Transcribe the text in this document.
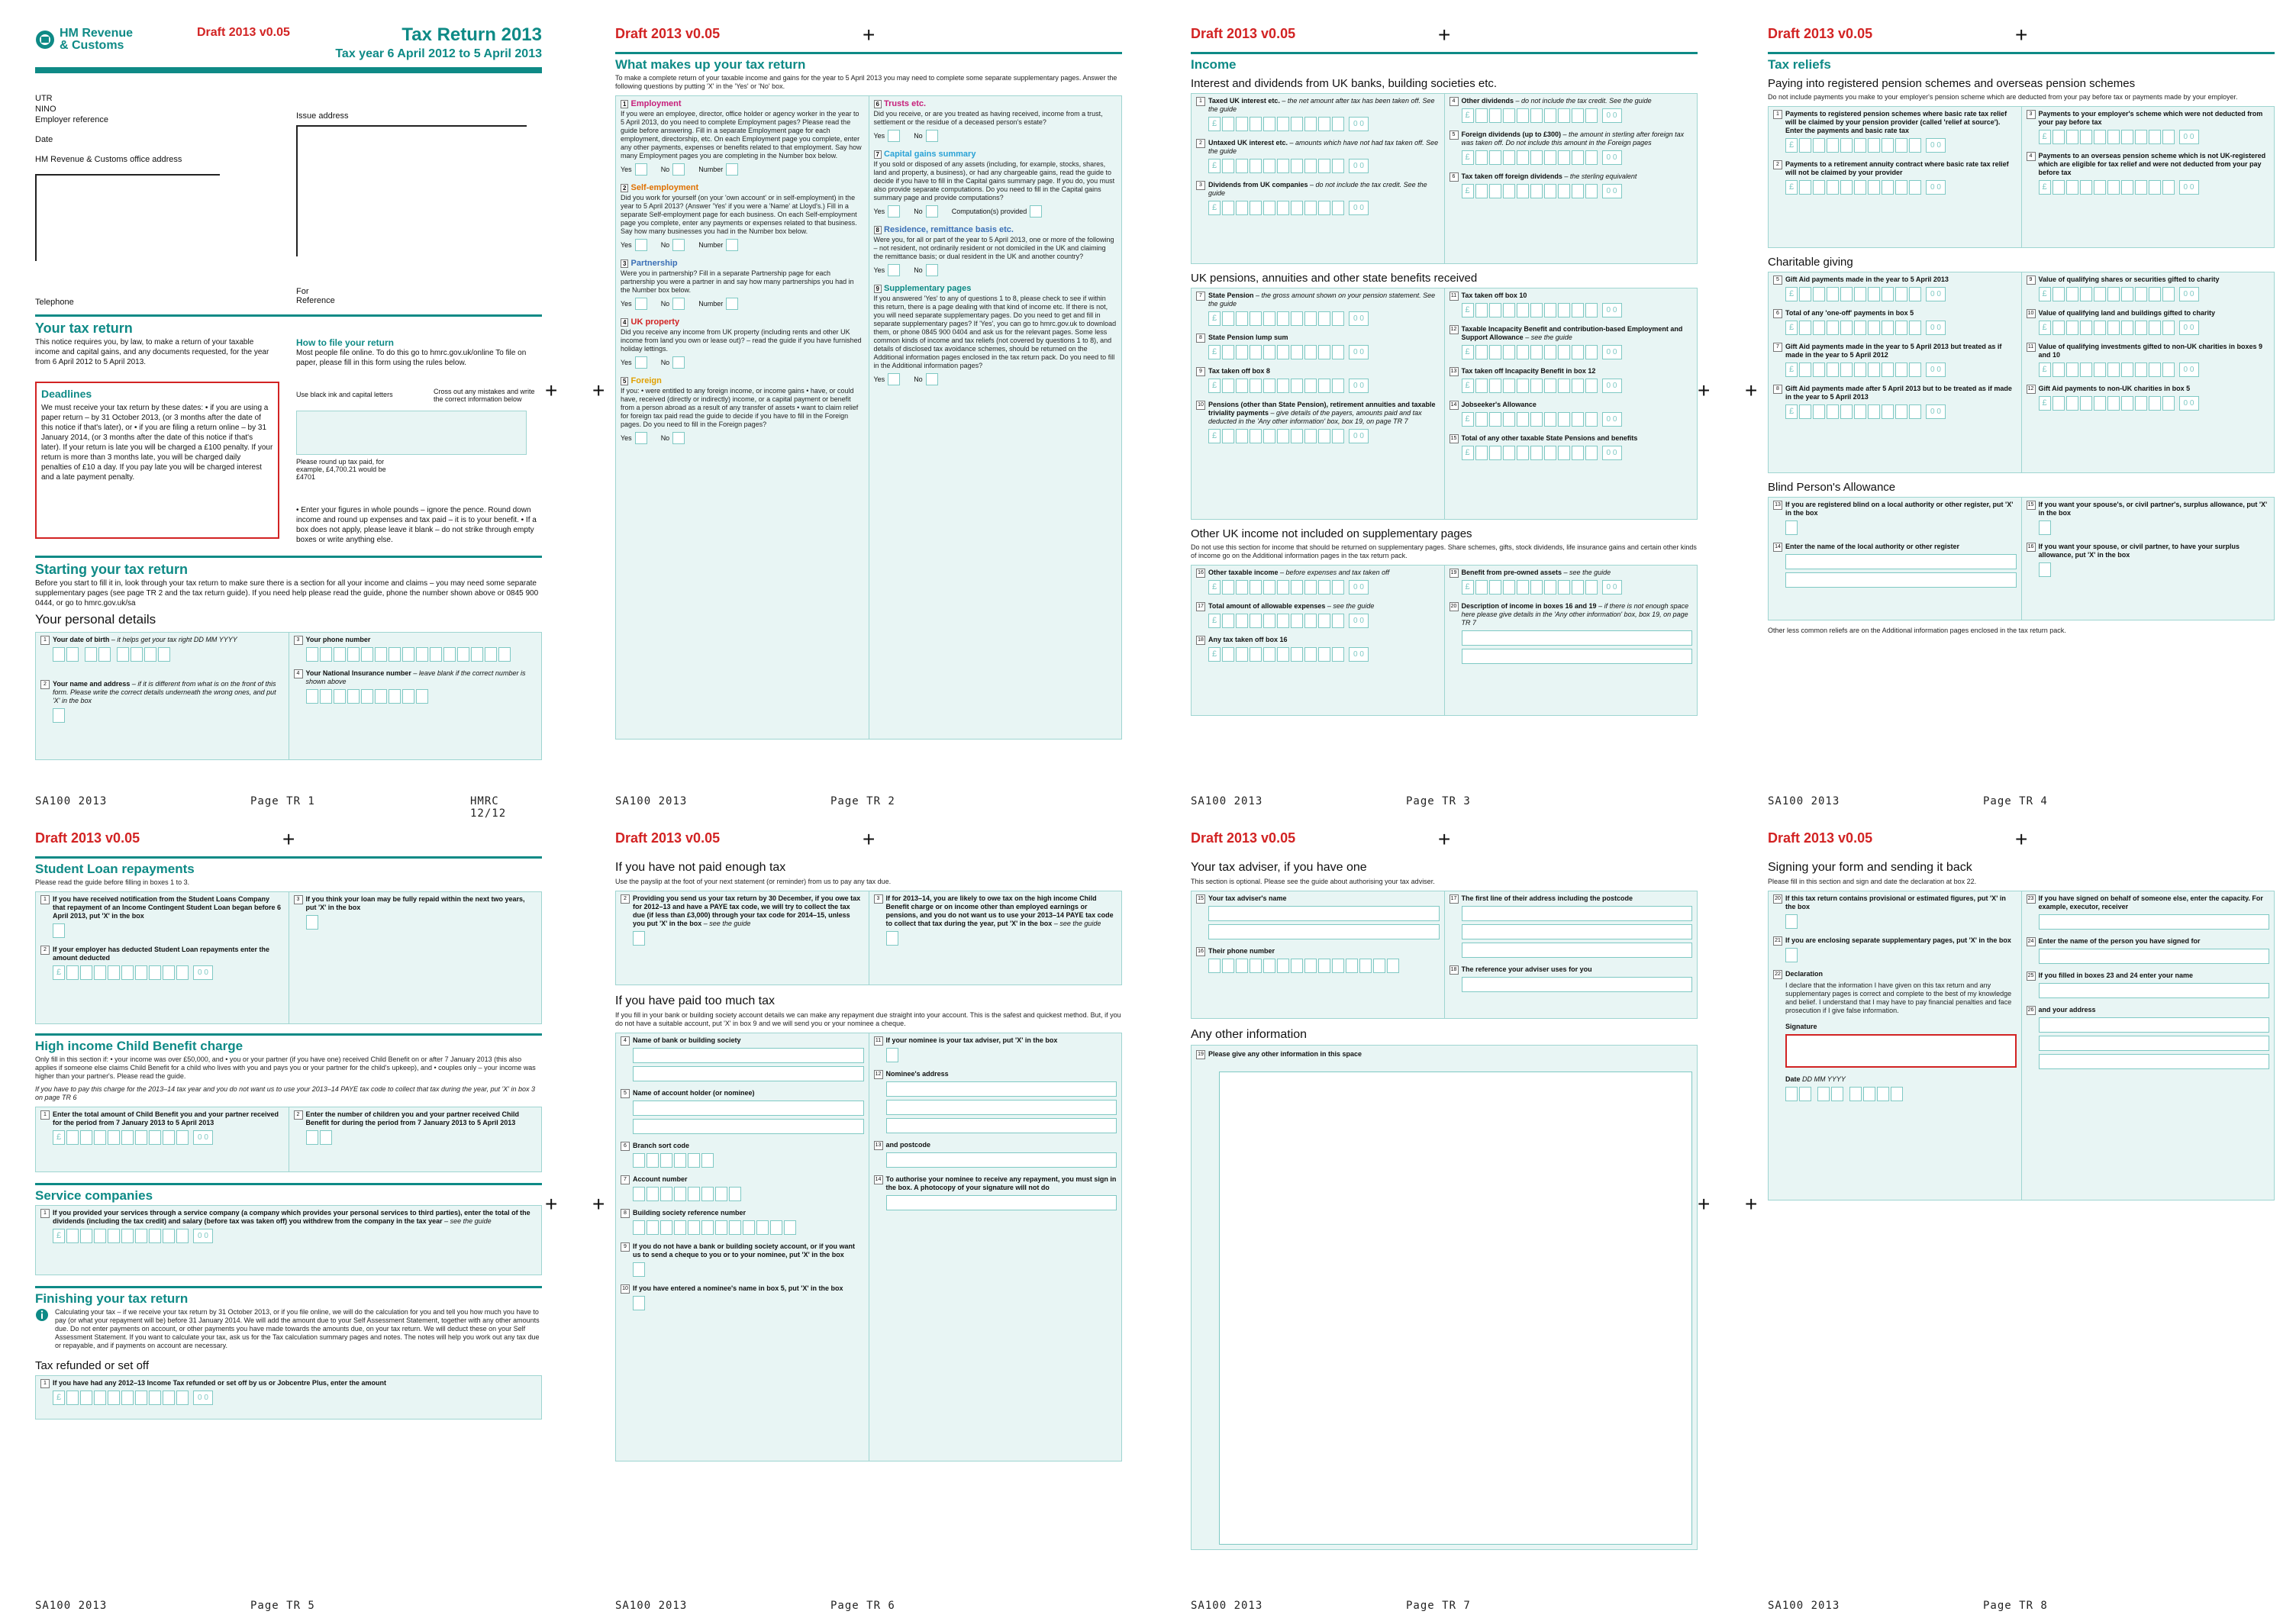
HM Revenue & Customs
Draft 2013 v0.05	Tax Return 2013
Tax year 6 April 2012 to 5 April 2013
UTR
NINO
Employer reference
Date
HM Revenue & Customs office address
Issue address
Telephone
For Reference
Your tax return
This notice requires you, by law, to make a return of your taxable income and capital gains, and any documents requested, for the year from 6 April 2012 to 5 April 2013.
How to file your return
Most people file online. To do this go to hmrc.gov.uk/online To file on paper, please fill in this form using the rules below.
Deadlines
We must receive your tax return by these dates: • if you are using a paper return – by 31 October 2013, (or 3 months after the date of this notice if that's later), or • if you are filing a return online – by 31 January 2014, (or 3 months after the date of this notice if that's later). If your return is late you will be charged a £100 penalty. If your return is more than 3 months late, you will be charged daily penalties of £10 a day. If you pay late you will be charged interest and a late payment penalty.
Use black ink and capital letters	Cross out any mistakes and write the correct information below
Please round up tax paid, for example, £4,700.21 would be £4701
• Enter your figures in whole pounds – ignore the pence. Round down income and round up expenses and tax paid – it is to your benefit. • If a box does not apply, please leave it blank – do not strike through empty boxes or write anything else.
Starting your tax return
Before you start to fill it in, look through your tax return to make sure there is a section for all your income and claims – you may need some separate supplementary pages (see page TR 2 and the tax return guide). If you need help please read the guide, phone the number shown above or 0845 900 0444, or go to hmrc.gov.uk/sa
Your personal details
1 Your date of birth – it helps get your tax right DD MM YYYY
2 Your name and address – if it is different from what is on the front of this form. Please write the correct details underneath the wrong ones, and put 'X' in the box
3 Your phone number
4 Your National Insurance number – leave blank if the correct number is shown above
SA100 2013	Page TR 1	HMRC 12/12
Draft 2013 v0.05	+
What makes up your tax return
To make a complete return of your taxable income and gains for the year to 5 April 2013 you may need to complete some separate supplementary pages. Answer the following questions by putting 'X' in the 'Yes' or 'No' box.
1 Employment
If you were an employee, director, office holder or agency worker in the year to 5 April 2013, do you need to complete Employment pages? Please read the guide before answering. Fill in a separate Employment page for each employment, directorship, etc. On each Employment page you complete, enter any other payments, expenses or benefits related to that employment. Say how many Employment pages you are completing in the Number box below.
Yes	No	Number
2 Self-employment
Did you work for yourself (on your 'own account' or in self-employment) in the year to 5 April 2013? (Answer 'Yes' if you were a 'Name' at Lloyd's.) Fill in a separate Self-employment page for each business. On each Self-employment page you complete, enter any payments or expenses related to that business. Say how many businesses you had in the Number box below.
Yes	No	Number
3 Partnership
Were you in partnership? Fill in a separate Partnership page for each partnership you were a partner in and say how many partnerships you had in the Number box below.
Yes	No	Number
4 UK property
Did you receive any income from UK property (including rents and other UK income from land you own or lease out)? – read the guide if you have furnished holiday lettings.
Yes	No
5 Foreign
If you: • were entitled to any foreign income, or income gains • have, or could have, received (directly or indirectly) income, or a capital payment or benefit from a person abroad as a result of any transfer of assets • want to claim relief for foreign tax paid read the guide to decide if you have to fill in the Foreign pages. Do you need to fill in the Foreign pages?
Yes	No
6 Trusts etc.
Did you receive, or are you treated as having received, income from a trust, settlement or the residue of a deceased person's estate?
Yes	No
7 Capital gains summary
If you sold or disposed of any assets (including, for example, stocks, shares, land and property, a business), or had any chargeable gains, read the guide to decide if you have to fill in the Capital gains summary page. If you do, you must also provide separate computations. Do you need to fill in the Capital gains summary page and provide computations?
Yes	No	Computation(s) provided
8 Residence, remittance basis etc.
Were you, for all or part of the year to 5 April 2013, one or more of the following – not resident, not ordinarily resident or not domiciled in the UK and claiming the remittance basis; or dual resident in the UK and another country?
Yes	No
9 Supplementary pages
If you answered 'Yes' to any of questions 1 to 8, please check to see if within this return, there is a page dealing with that kind of income etc. If there is not, you will need separate supplementary pages. Do you need to get and fill in separate supplementary pages? If 'Yes', you can go to hmrc.gov.uk to download them, or phone 0845 900 0404 and ask us for the relevant pages. Some less common kinds of income and tax reliefs (not covered by questions 1 to 8), and details of disclosed tax avoidance schemes, should be returned on the Additional information pages enclosed in the tax return pack. Do you need to fill in the Additional information pages?
Yes	No
SA100 2013	Page TR 2
Draft 2013 v0.05	+
Income
Interest and dividends from UK banks, building societies etc.
1 Taxed UK interest etc. – the net amount after tax has been taken off. See the guide
£	0 0
2 Untaxed UK interest etc. – amounts which have not had tax taken off. See the guide
£	0 0
3 Dividends from UK companies – do not include the tax credit. See the guide
£	0 0
4 Other dividends – do not include the tax credit. See the guide
£	0 0
5 Foreign dividends (up to £300) – the amount in sterling after foreign tax was taken off. Do not include this amount in the Foreign pages
£	0 0
6 Tax taken off foreign dividends – the sterling equivalent
£	0 0
UK pensions, annuities and other state benefits received
7 State Pension – the gross amount shown on your pension statement. See the guide
£	0 0
8 State Pension lump sum
£	0 0
9 Tax taken off box 8
£	0 0
10 Pensions (other than State Pension), retirement annuities and taxable triviality payments – give details of the payers, amounts paid and tax deducted in the 'Any other information' box, box 19, on page TR 7
£	0 0
11 Tax taken off box 10
£	0 0
12 Taxable Incapacity Benefit and contribution-based Employment and Support Allowance – see the guide
£	0 0
13 Tax taken off Incapacity Benefit in box 12
£	0 0
14 Jobseeker's Allowance
£	0 0
15 Total of any other taxable State Pensions and benefits
£	0 0
Other UK income not included on supplementary pages
Do not use this section for income that should be returned on supplementary pages. Share schemes, gifts, stock dividends, life insurance gains and certain other kinds of income go on the Additional information pages in the tax return pack.
16 Other taxable income – before expenses and tax taken off
£	0 0
17 Total amount of allowable expenses – see the guide
£	0 0
18 Any tax taken off box 16
£	0 0
19 Benefit from pre-owned assets – see the guide
£	0 0
20 Description of income in boxes 16 and 19 – if there is not enough space here please give details in the 'Any other information' box, box 19, on page TR 7
SA100 2013	Page TR 3
Draft 2013 v0.05	+
Tax reliefs
Paying into registered pension schemes and overseas pension schemes
Do not include payments you make to your employer's pension scheme which are deducted from your pay before tax or payments made by your employer.
1 Payments to registered pension schemes where basic rate tax relief will be claimed by your pension provider (called 'relief at source'). Enter the payments and basic rate tax
£	0 0
2 Payments to a retirement annuity contract where basic rate tax relief will not be claimed by your provider
£	0 0
3 Payments to your employer's scheme which were not deducted from your pay before tax
£	0 0
4 Payments to an overseas pension scheme which is not UK-registered which are eligible for tax relief and were not deducted from your pay before tax
£	0 0
Charitable giving
5 Gift Aid payments made in the year to 5 April 2013
£	0 0
6 Total of any 'one-off' payments in box 5
£	0 0
7 Gift Aid payments made in the year to 5 April 2013 but treated as if made in the year to 5 April 2012
£	0 0
8 Gift Aid payments made after 5 April 2013 but to be treated as if made in the year to 5 April 2013
£	0 0
9 Value of qualifying shares or securities gifted to charity
£	0 0
10 Value of qualifying land and buildings gifted to charity
£	0 0
11 Value of qualifying investments gifted to non-UK charities in boxes 9 and 10
£	0 0
12 Gift Aid payments to non-UK charities in box 5
£	0 0
Blind Person's Allowance
13 If you are registered blind on a local authority or other register, put 'X' in the box
14 Enter the name of the local authority or other register
15 If you want your spouse's, or civil partner's, surplus allowance, put 'X' in the box
16 If you want your spouse, or civil partner, to have your surplus allowance, put 'X' in the box
Other less common reliefs are on the Additional information pages enclosed in the tax return pack.
SA100 2013	Page TR 4
Draft 2013 v0.05	+
Student Loan repayments
Please read the guide before filling in boxes 1 to 3.
1 If you have received notification from the Student Loans Company that repayment of an Income Contingent Student Loan began before 6 April 2013, put 'X' in the box
2 If your employer has deducted Student Loan repayments enter the amount deducted
£	0 0
3 If you think your loan may be fully repaid within the next two years, put 'X' in the box
High income Child Benefit charge
Only fill in this section if: • your income was over £50,000, and • you or your partner (if you have one) received Child Benefit on or after 7 January 2013 (this also applies if someone else claims Child Benefit for a child who lives with you and pays you or your partner for the child's upkeep), and • couples only – your income was higher than your partner's. Please read the guide.
If you have to pay this charge for the 2013–14 tax year and you do not want us to use your 2013–14 PAYE tax code to collect that tax during the year, put 'X' in box 3 on page TR 6
1 Enter the total amount of Child Benefit you and your partner received for the period from 7 January 2013 to 5 April 2013
£	0 0
2 Enter the number of children you and your partner received Child Benefit for during the period from 7 January 2013 to 5 April 2013
Service companies
1 If you provided your services through a service company (a company which provides your personal services to third parties), enter the total of the dividends (including the tax credit) and salary (before tax was taken off) you withdrew from the company in the tax year – see the guide
£	0 0
Finishing your tax return
Calculating your tax – if we receive your tax return by 31 October 2013, or if you file online, we will do the calculation for you and tell you how much you have to pay (or what your repayment will be) before 31 January 2014. We will add the amount due to your Self Assessment Statement, together with any other amounts due. Do not enter payments on account, or other payments you have made towards the amounts due, on your tax return. We will deduct these on your Self Assessment Statement. If you want to calculate your tax, ask us for the Tax calculation summary pages and notes. The notes will help you work out any tax due or repayable, and if payments on account are necessary.
Tax refunded or set off
1 If you have had any 2012–13 Income Tax refunded or set off by us or Jobcentre Plus, enter the amount
£	0 0
SA100 2013	Page TR 5
Draft 2013 v0.05	+
If you have not paid enough tax
Use the payslip at the foot of your next statement (or reminder) from us to pay any tax due.
2 Providing you send us your tax return by 30 December, if you owe tax for 2012–13 and have a PAYE tax code, we will try to collect the tax due (if less than £3,000) through your tax code for 2014–15, unless you put 'X' in the box – see the guide
3 If for 2013–14, you are likely to owe tax on the high income Child Benefit charge or on income other than employed earnings or pensions, and you do not want us to use your 2013–14 PAYE tax code to collect that tax during the year, put 'X' in the box – see the guide
If you have paid too much tax
If you fill in your bank or building society account details we can make any repayment due straight into your account. This is the safest and quickest method. But, if you do not have a suitable account, put 'X' in box 9 and we will send you or your nominee a cheque.
4 Name of bank or building society
5 Name of account holder (or nominee)
6 Branch sort code
7 Account number
8 Building society reference number
9 If you do not have a bank or building society account, or if you want us to send a cheque to you or to your nominee, put 'X' in the box
10 If you have entered a nominee's name in box 5, put 'X' in the box
11 If your nominee is your tax adviser, put 'X' in the box
12 Nominee's address
13 and postcode
14 To authorise your nominee to receive any repayment, you must sign in the box. A photocopy of your signature will not do
SA100 2013	Page TR 6
Draft 2013 v0.05	+
Your tax adviser, if you have one
This section is optional. Please see the guide about authorising your tax adviser.
15 Your tax adviser's name
16 Their phone number
17 The first line of their address including the postcode
18 The reference your adviser uses for you
Any other information
19 Please give any other information in this space
SA100 2013	Page TR 7
Draft 2013 v0.05	+
Signing your form and sending it back
Please fill in this section and sign and date the declaration at box 22.
20 If this tax return contains provisional or estimated figures, put 'X' in the box
21 If you are enclosing separate supplementary pages, put 'X' in the box
22 Declaration
I declare that the information I have given on this tax return and any supplementary pages is correct and complete to the best of my knowledge and belief. I understand that I may have to pay financial penalties and face prosecution if I give false information.
Signature
Date DD MM YYYY
23 If you have signed on behalf of someone else, enter the capacity. For example, executor, receiver
24 Enter the name of the person you have signed for
25 If you filled in boxes 23 and 24 enter your name
26 and your address
SA100 2013	Page TR 8
+ +	+ +
+ +	+ +
